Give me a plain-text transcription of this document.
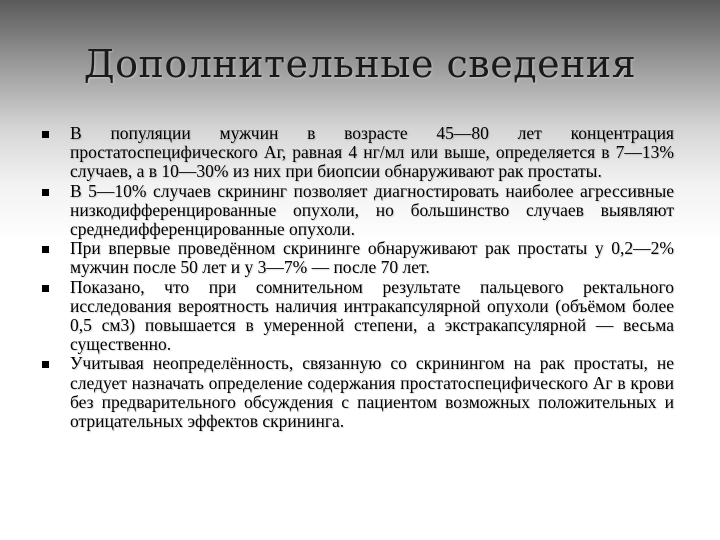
Дополнительные сведения
В популяции мужчин в возрасте 45—80 лет концентрация простатоспецифического Аг, равная 4 нг/мл или выше, определяется в 7—13% случаев, а в 10—30% из них при биопсии обнаруживают рак простаты.
В 5—10% случаев скрининг позволяет диагностировать наиболее агрессивные низкодифференцированные опухоли, но большинство случаев выявляют среднедифференцированные опухоли.
При впервые проведённом скрининге обнаруживают рак простаты у 0,2—2% мужчин после 50 лет и у 3—7% — после 70 лет.
Показано, что при сомнительном результате пальцевого ректального исследования вероятность наличия интракапсулярной опухоли (объёмом более 0,5 см3) повышается в умеренной степени, а экстракапсулярной — весьма существенно.
Учитывая неопределённость, связанную со скринингом на рак простаты, не следует назначать определение содержания простатоспецифического Аг в крови без предварительного обсуждения с пациентом возможных положительных и отрицательных эффектов скрининга.
